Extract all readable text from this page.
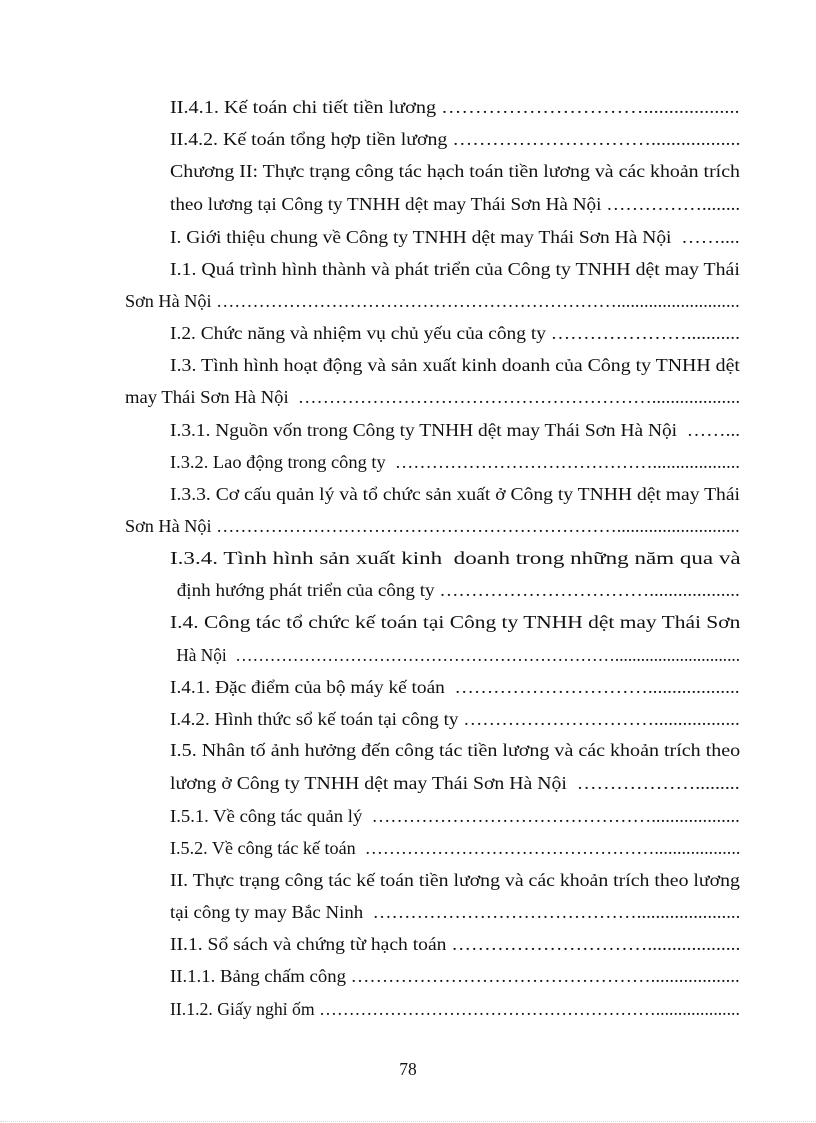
II.4.1. Kế toán chi tiết tiền lương …………………………...................
II.4.2. Kế toán tổng hợp tiền lương …………………………..................
Chương II: Thực trạng công tác hạch toán tiền lương và các khoản trích
theo lương tại Công ty TNHH dệt may Thái Sơn Hà Nội ……………........
I. Giới thiệu chung về Công ty TNHH dệt may Thái Sơn Hà Nội  ……....
I.1. Quá trình hình thành và phát triển của Công ty TNHH dệt may Thái
Sơn Hà Nội …………………………………………………………...........................
I.2. Chức năng và nhiệm vụ chủ yếu của công ty …………………...........
I.3. Tình hình hoạt động và sản xuất kinh doanh của Công ty TNHH dệt
may Thái Sơn Hà Nội  …………………………………………………...................
I.3.1. Nguồn vốn trong Công ty TNHH dệt may Thái Sơn Hà Nội  ……...
I.3.2. Lao động trong công ty  ……………………………………...................
I.3.3. Cơ cấu quản lý và tổ chức sản xuất ở Công ty TNHH dệt may Thái
Sơn Hà Nội …………………………………………………………...........................
I.3.4. Tình hình sản xuất kinh  doanh trong những năm qua và
định hướng phát triển của công ty ……………………………...................
I.4. Công tác tổ chức kế toán tại Công ty TNHH dệt may Thái Sơn
Hà Nội  ………………………………………………………….............................
I.4.1. Đặc điểm của bộ máy kế toán  …………………………...................
I.4.2. Hình thức sổ kế toán tại công ty …………………………..................
I.5. Nhân tố ảnh hưởng đến công tác tiền lương và các khoản trích theo
lương ở Công ty TNHH dệt may Thái Sơn Hà Nội  ……………….........
I.5.1. Về công tác quản lý  ………………………………………...................
I.5.2. Về công tác kế toán  …………………………………………...................
II. Thực trạng công tác kế toán tiền lương và các khoản trích theo lương
tại công ty may Bắc Ninh  ……………………………………......................
II.1. Sổ sách và chứng từ hạch toán …………………………...................
II.1.1. Bảng chấm công …………………………………………...................
II.1.2. Giấy nghỉ ốm …………………………………………………...................
78
